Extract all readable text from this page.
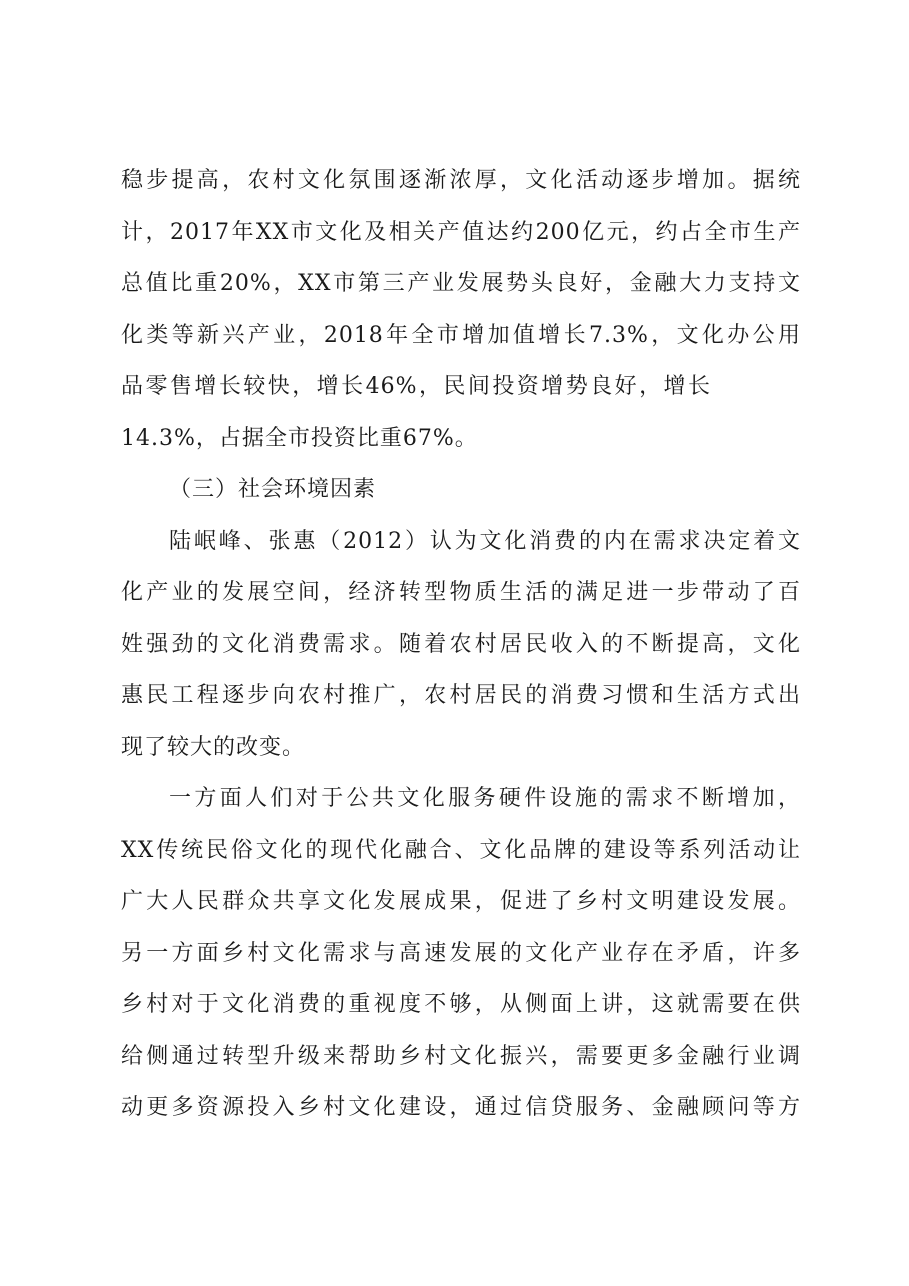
稳步提高，农村文化氛围逐渐浓厚，文化活动逐步增加。据统
计，2017年XX市文化及相关产值达约200亿元，约占全市生产
总值比重20%，XX市第三产业发展势头良好，金融大力支持文
化类等新兴产业，2018年全市增加值增长7.3%，文化办公用
品零售增长较快，增长46%，民间投资增势良好，增长
14.3%，占据全市投资比重67%。
（三）社会环境因素
陆岷峰、张惠（2012）认为文化消费的内在需求决定着文
化产业的发展空间，经济转型物质生活的满足进一步带动了百
姓强劲的文化消费需求。随着农村居民收入的不断提高，文化
惠民工程逐步向农村推广，农村居民的消费习惯和生活方式出
现了较大的改变。
一方面人们对于公共文化服务硬件设施的需求不断增加，
XX传统民俗文化的现代化融合、文化品牌的建设等系列活动让
广大人民群众共享文化发展成果，促进了乡村文明建设发展。
另一方面乡村文化需求与高速发展的文化产业存在矛盾，许多
乡村对于文化消费的重视度不够，从侧面上讲，这就需要在供
给侧通过转型升级来帮助乡村文化振兴，需要更多金融行业调
动更多资源投入乡村文化建设，通过信贷服务、金融顾问等方
